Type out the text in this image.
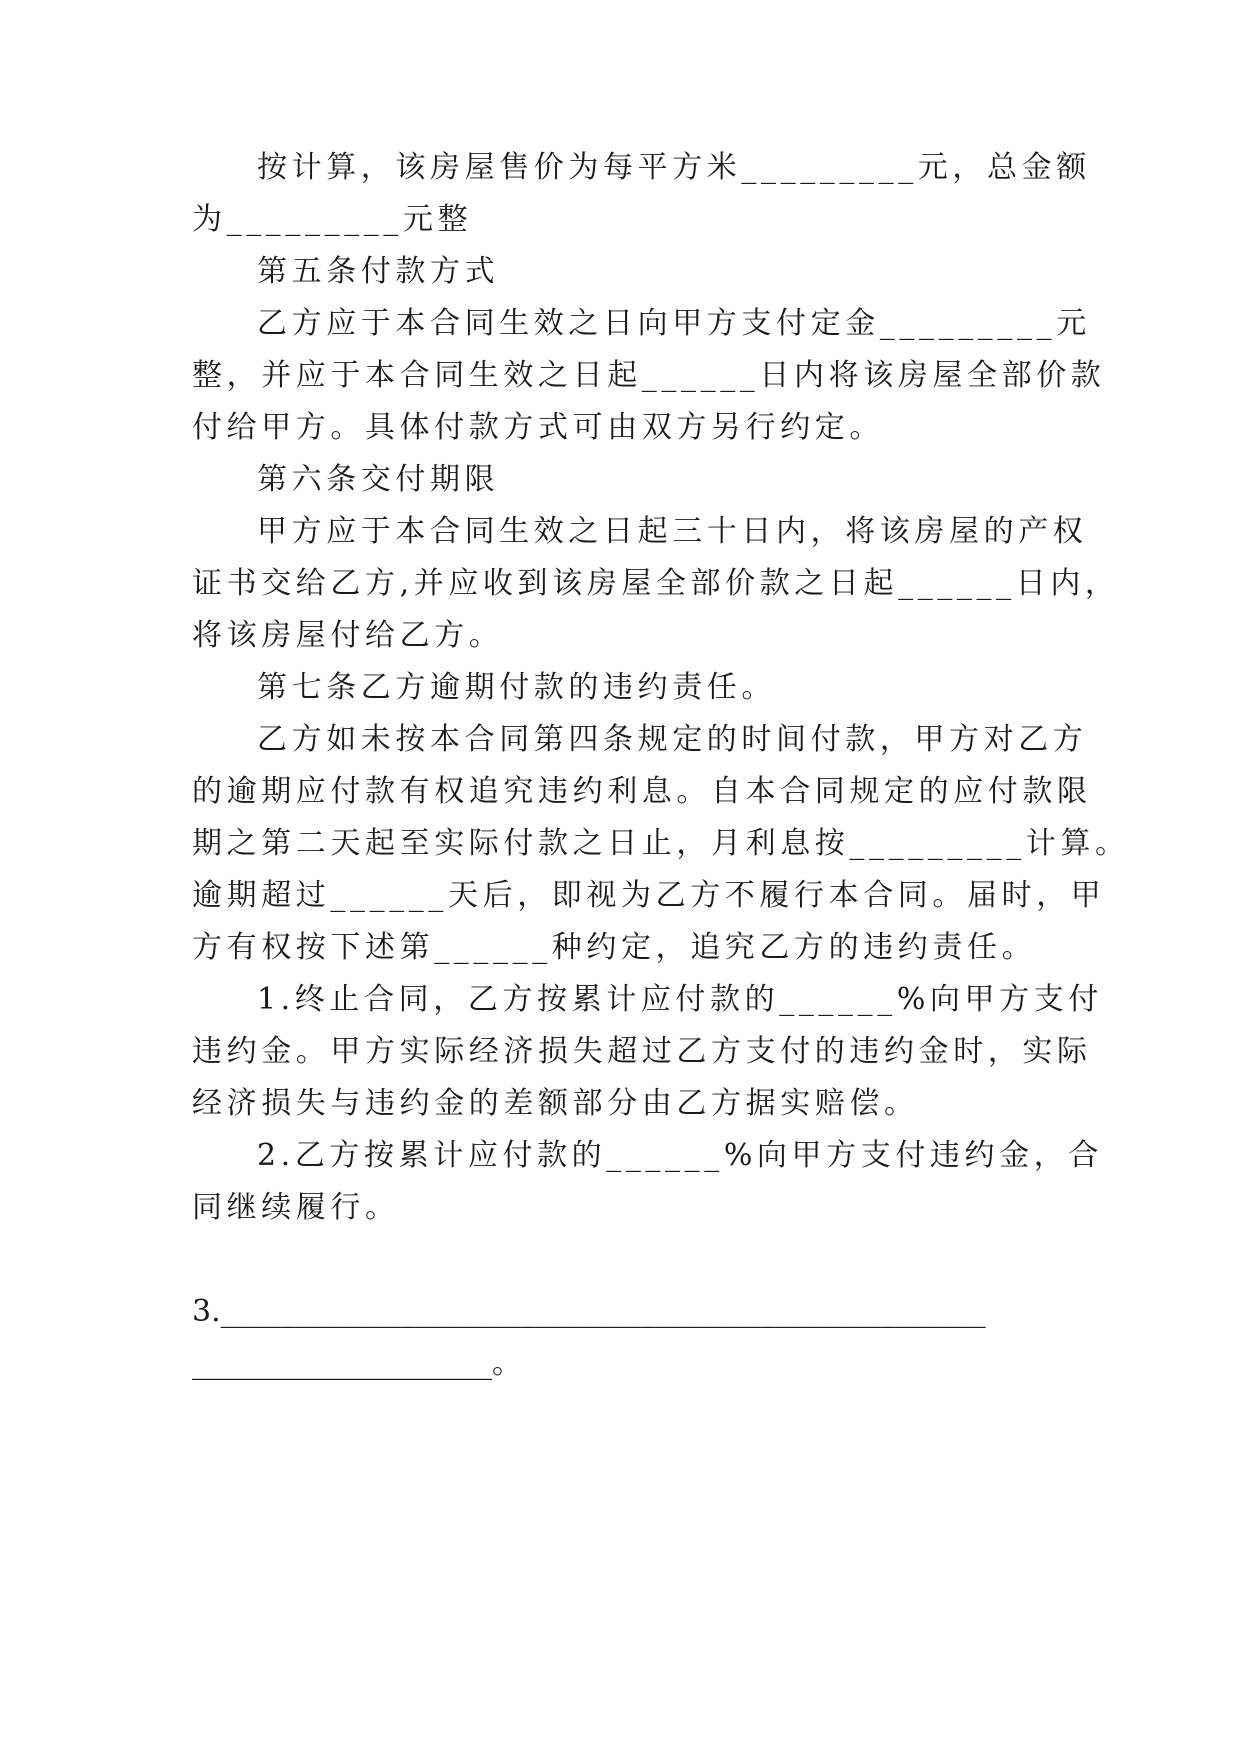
按计算，该房屋售价为每平方米_________元，总金额
为_________元整
第五条付款方式
乙方应于本合同生效之日向甲方支付定金_________元
整，并应于本合同生效之日起______日内将该房屋全部价款
付给甲方。具体付款方式可由双方另行约定。
第六条交付期限
甲方应于本合同生效之日起三十日内，将该房屋的产权
证书交给乙方,并应收到该房屋全部价款之日起______日内，
将该房屋付给乙方。
第七条乙方逾期付款的违约责任。
乙方如未按本合同第四条规定的时间付款，甲方对乙方
的逾期应付款有权追究违约利息。自本合同规定的应付款限
期之第二天起至实际付款之日止，月利息按_________计算。
逾期超过______天后，即视为乙方不履行本合同。届时，甲
方有权按下述第______种约定，追究乙方的违约责任。
1.终止合同，乙方按累计应付款的______%向甲方支付
违约金。甲方实际经济损失超过乙方支付的违约金时，实际
经济损失与违约金的差额部分由乙方据实赔偿。
2.乙方按累计应付款的______%向甲方支付违约金，合
同继续履行。
3.___________________________________________________
____________________。
